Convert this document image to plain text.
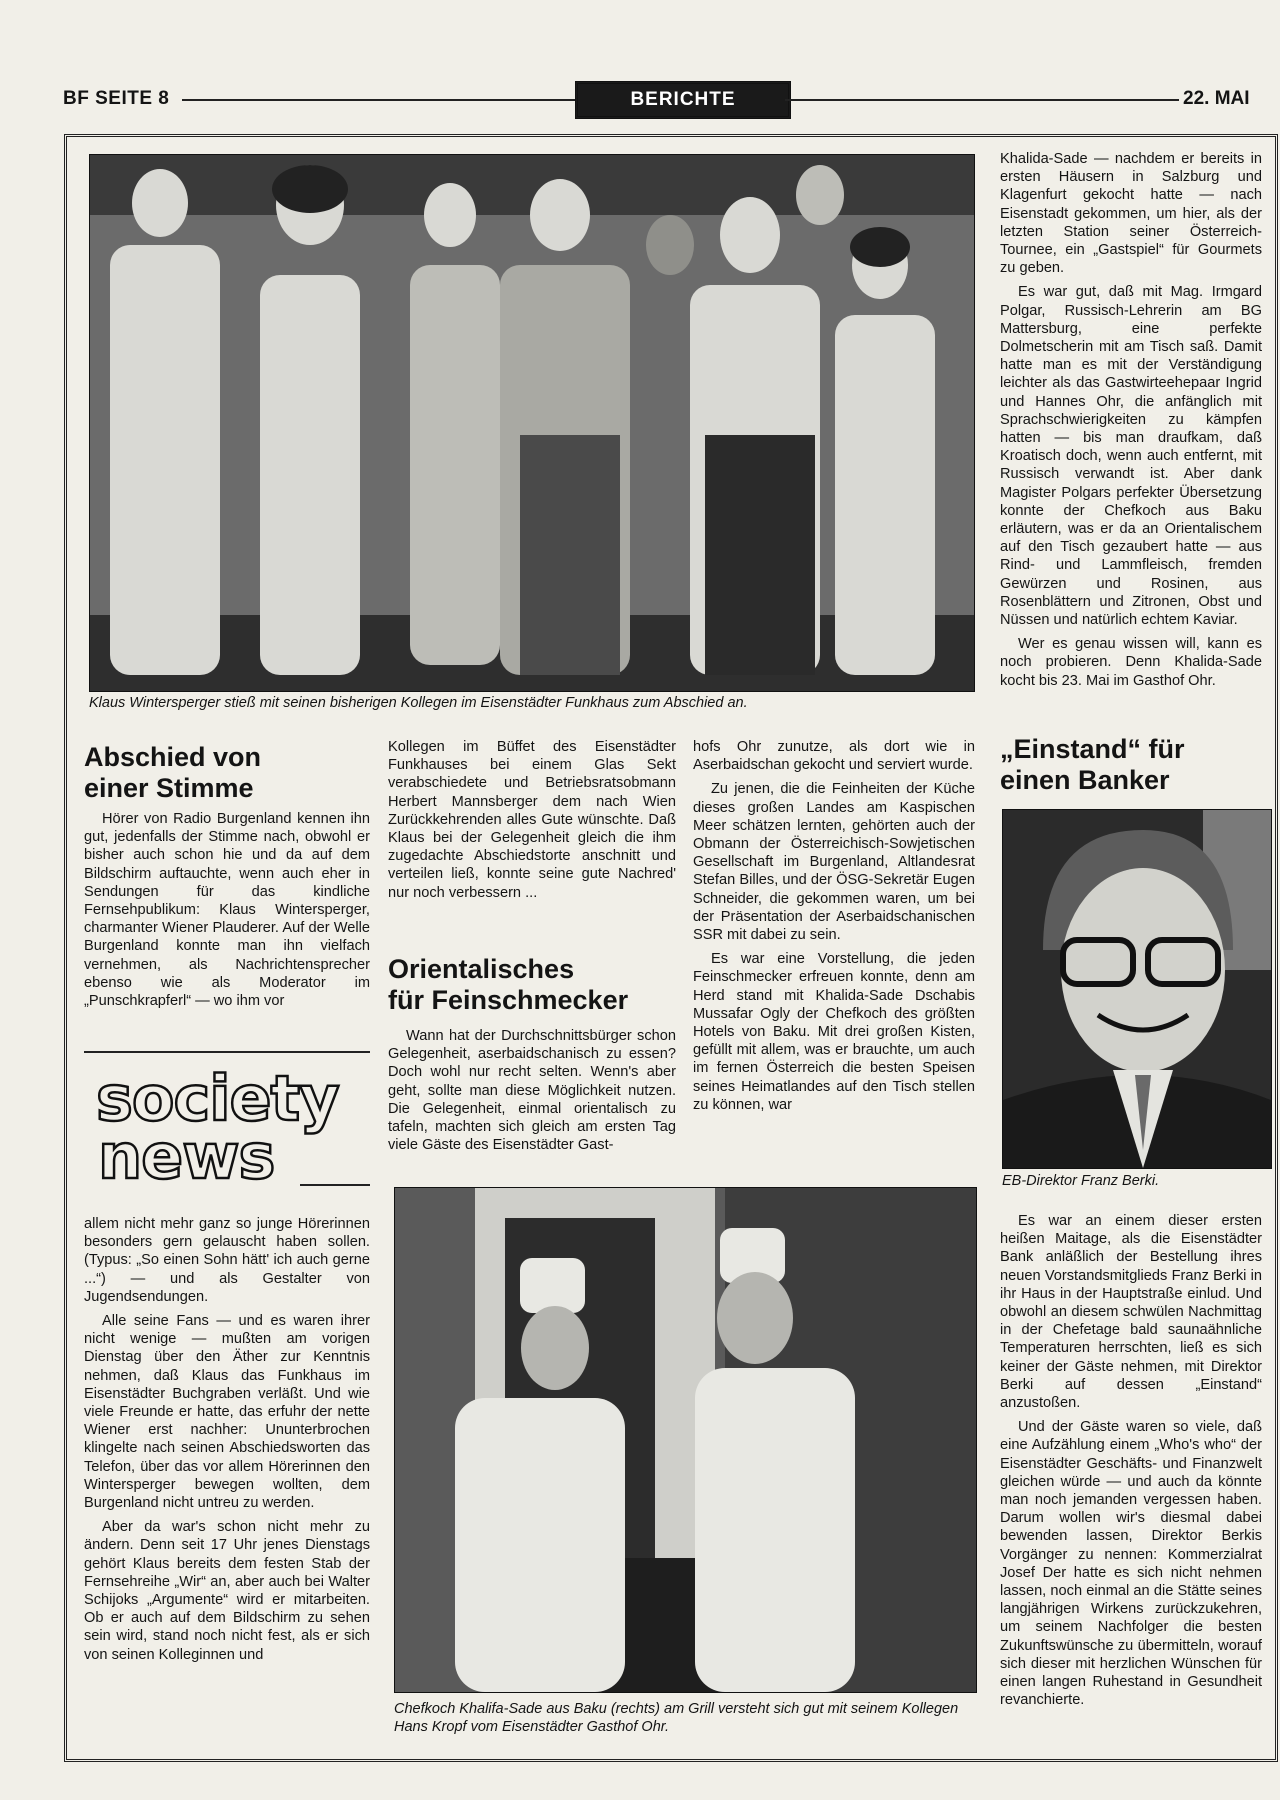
BF SEITE 8	BERICHTE	22. MAI
Klaus Wintersperger stieß mit seinen bisherigen Kollegen im Eisenstädter Funkhaus zum Abschied an.
Abschied von
einer Stimme

Hörer von Radio Burgenland kennen ihn gut, jedenfalls der Stimme nach, obwohl er bisher auch schon hie und da auf dem Bildschirm auftauchte, wenn auch eher in Sendungen für das kindliche Fernsehpublikum: Klaus Wintersperger, charmanter Wiener Plauderer. Auf der Welle Burgenland konnte man ihn vielfach vernehmen, als Nachrichtensprecher ebenso wie als Moderator im „Punschkrapferl“ — wo ihm vor

society
news

allem nicht mehr ganz so junge Hörerinnen besonders gern gelauscht haben sollen. (Typus: „So einen Sohn hätt' ich auch gerne ...“) — und als Gestalter von Jugendsendungen.

Alle seine Fans — und es waren ihrer nicht wenige — mußten am vorigen Dienstag über den Äther zur Kenntnis nehmen, daß Klaus das Funkhaus im Eisenstädter Buchgraben verläßt. Und wie viele Freunde er hatte, das erfuhr der nette Wiener erst nachher: Ununterbrochen klingelte nach seinen Abschiedsworten das Telefon, über das vor allem Hörerinnen den Wintersperger bewegen wollten, dem Burgenland nicht untreu zu werden.

Aber da war's schon nicht mehr zu ändern. Denn seit 17 Uhr jenes Dienstags gehört Klaus bereits dem festen Stab der Fernsehreihe „Wir“ an, aber auch bei Walter Schijoks „Argumente“ wird er mitarbeiten. Ob er auch auf dem Bildschirm zu sehen sein wird, stand noch nicht fest, als er sich von seinen Kolleginnen und

Kollegen im Büffet des Eisenstädter Funkhauses bei einem Glas Sekt verabschiedete und Betriebsratsobmann Herbert Mannsberger dem nach Wien Zurückkehrenden alles Gute wünschte. Daß Klaus bei der Gelegenheit gleich die ihm zugedachte Abschiedstorte anschnitt und verteilen ließ, konnte seine gute Nachred' nur noch verbessern ...

Orientalisches
für Feinschmecker

Wann hat der Durchschnittsbürger schon Gelegenheit, aserbaidschanisch zu essen? Doch wohl nur recht selten. Wenn's aber geht, sollte man diese Möglichkeit nutzen. Die Gelegenheit, einmal orientalisch zu tafeln, machten sich gleich am ersten Tag viele Gäste des Eisenstädter Gast-

hofs Ohr zunutze, als dort wie in Aserbaidschan gekocht und serviert wurde.

Zu jenen, die die Feinheiten der Küche dieses großen Landes am Kaspischen Meer schätzen lernten, gehörten auch der Obmann der Österreichisch-Sowjetischen Gesellschaft im Burgenland, Altlandesrat Stefan Billes, und der ÖSG-Sekretär Eugen Schneider, die gekommen waren, um bei der Präsentation der Aserbaidschanischen SSR mit dabei zu sein.

Es war eine Vorstellung, die jeden Feinschmecker erfreuen konnte, denn am Herd stand mit Khalida-Sade Dschabis Mussafar Ogly der Chefkoch des größten Hotels von Baku. Mit drei großen Kisten, gefüllt mit allem, was er brauchte, um auch im fernen Österreich die besten Speisen seines Heimatlandes auf den Tisch stellen zu können, war

Khalida-Sade — nachdem er bereits in ersten Häusern in Salzburg und Klagenfurt gekocht hatte — nach Eisenstadt gekommen, um hier, als der letzten Station seiner Österreich-Tournee, ein „Gastspiel“ für Gourmets zu geben.

Es war gut, daß mit Mag. Irmgard Polgar, Russisch-Lehrerin am BG Mattersburg, eine perfekte Dolmetscherin mit am Tisch saß. Damit hatte man es mit der Verständigung leichter als das Gastwirteehepaar Ingrid und Hannes Ohr, die anfänglich mit Sprachschwierigkeiten zu kämpfen hatten — bis man draufkam, daß Kroatisch doch, wenn auch entfernt, mit Russisch verwandt ist. Aber dank Magister Polgars perfekter Übersetzung konnte der Chefkoch aus Baku erläutern, was er da an Orientalischem auf den Tisch gezaubert hatte — aus Rind- und Lammfleisch, fremden Gewürzen und Rosinen, aus Rosenblättern und Zitronen, Obst und Nüssen und natürlich echtem Kaviar.

Wer es genau wissen will, kann es noch probieren. Denn Khalida-Sade kocht bis 23. Mai im Gasthof Ohr.

Chefkoch Khalifa-Sade aus Baku (rechts) am Grill versteht sich gut mit seinem Kollegen Hans Kropf vom Eisenstädter Gasthof Ohr.
„Einstand“ für
einen Banker
EB-Direktor Franz Berki.

Es war an einem dieser ersten heißen Maitage, als die Eisenstädter Bank anläßlich der Bestellung ihres neuen Vorstandsmitglieds Franz Berki in ihr Haus in der Hauptstraße einlud. Und obwohl an diesem schwülen Nachmittag in der Chefetage bald saunaähnliche Temperaturen herrschten, ließ es sich keiner der Gäste nehmen, mit Direktor Berki auf dessen „Einstand“ anzustoßen.

Und der Gäste waren so viele, daß eine Aufzählung einem „Who's who“ der Eisenstädter Geschäfts- und Finanzwelt gleichen würde — und auch da könnte man noch jemanden vergessen haben. Darum wollen wir's diesmal dabei bewenden lassen, Direktor Berkis Vorgänger zu nennen: Kommerzialrat Josef Der hatte es sich nicht nehmen lassen, noch einmal an die Stätte seines langjährigen Wirkens zurückzukehren, um seinem Nachfolger die besten Zukunftswünsche zu übermitteln, worauf sich dieser mit herzlichen Wünschen für einen langen Ruhestand in Gesundheit revanchierte.
